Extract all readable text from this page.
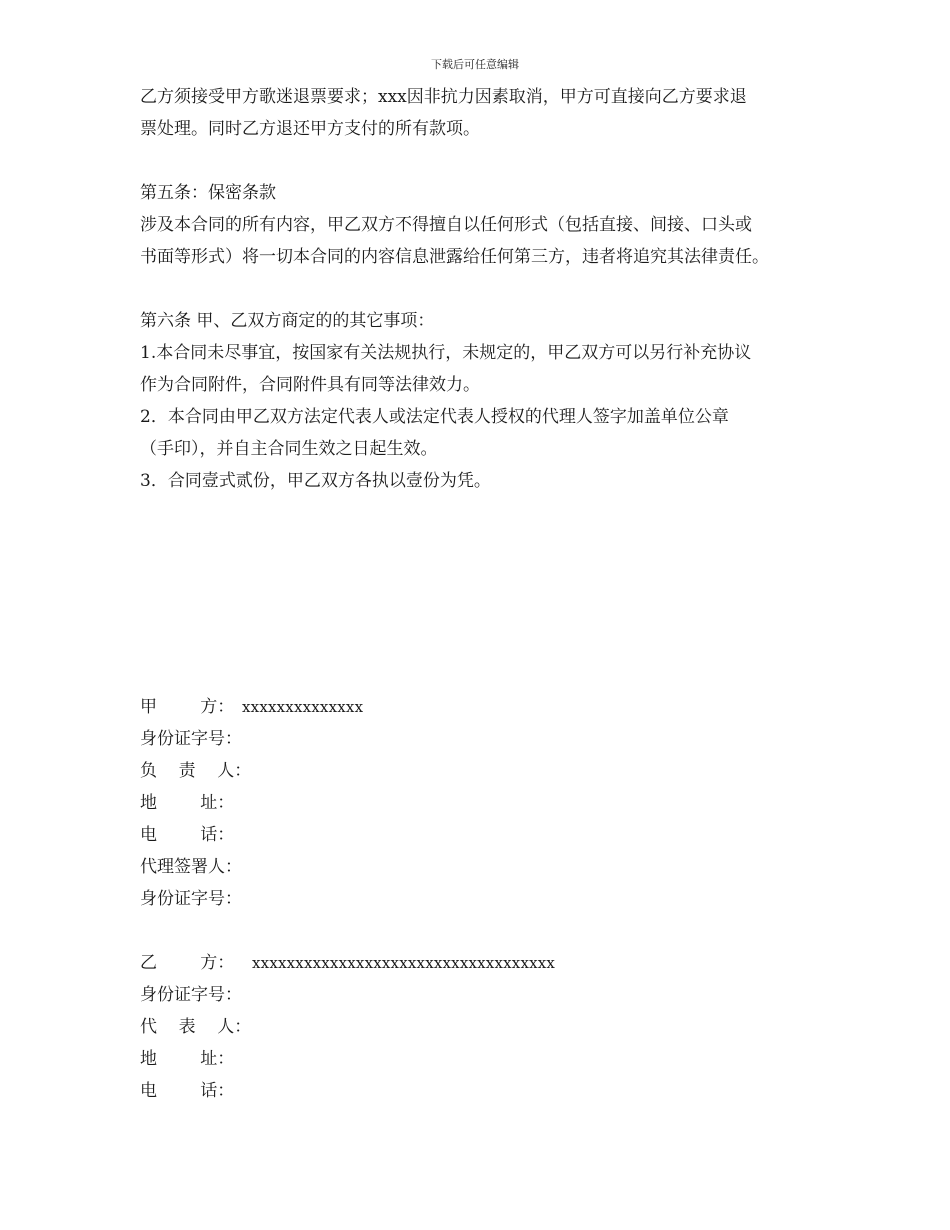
下载后可任意编辑
乙方须接受甲方歌迷退票要求；xxx因非抗力因素取消，甲方可直接向乙方要求退
票处理。同时乙方退还甲方支付的所有款项。
第五条：保密条款
涉及本合同的所有内容，甲乙双方不得擅自以任何形式（包括直接、间接、口头或
书面等形式）将一切本合同的内容信息泄露给任何第三方，违者将追究其法律责任。
第六条 甲、乙双方商定的的其它事项：
1.本合同未尽事宜，按国家有关法规执行，未规定的，甲乙双方可以另行补充协议
作为合同附件，合同附件具有同等法律效力。
2．本合同由甲乙双方法定代表人或法定代表人授权的代理人签字加盖单位公章
（手印），并自主合同生效之日起生效。
3．合同壹式贰份，甲乙双方各执以壹份为凭。
甲        方：xxxxxxxxxxxxxx
身份证字号：
负    责    人：
地        址：
电        话：
代理签署人：
身份证字号：
乙        方： xxxxxxxxxxxxxxxxxxxxxxxxxxxxxxxxxxx
身份证字号：
代    表    人：
地        址：
电        话：
